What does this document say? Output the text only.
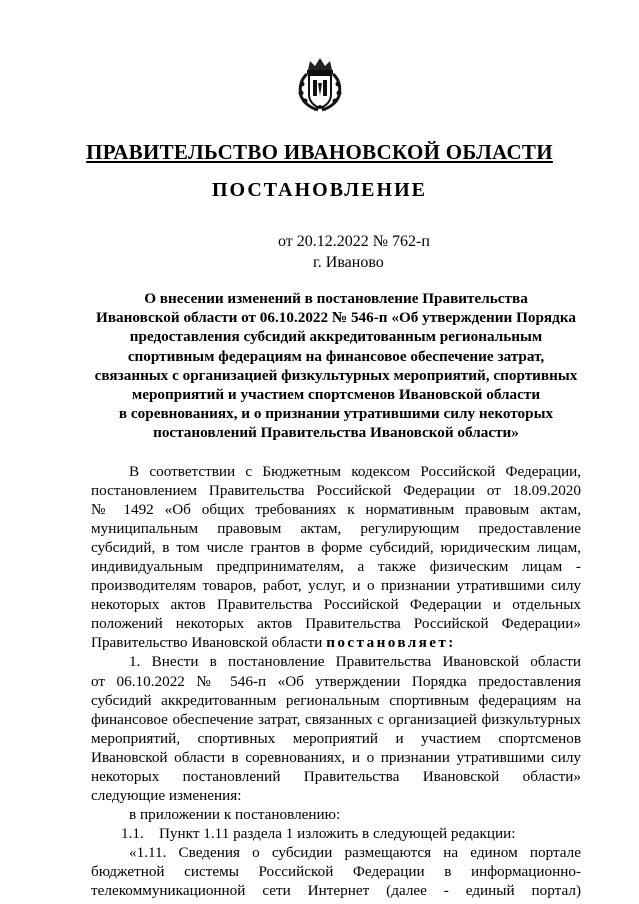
ПРАВИТЕЛЬСТВО ИВАНОВСКОЙ ОБЛАСТИ
ПОСТАНОВЛЕНИЕ
от 20.12.2022 № 762-п
г. Иваново
О внесении изменений в постановление Правительства
Ивановской области от 06.10.2022 № 546-п «Об утверждении Порядка
предоставления субсидий аккредитованным региональным
спортивным федерациям на финансовое обеспечение затрат,
связанных с организацией физкультурных мероприятий, спортивных
мероприятий и участием спортсменов Ивановской области
в соревнованиях, и о признании утратившими силу некоторых
постановлений Правительства Ивановской области»
В соответствии с Бюджетным кодексом Российской Федерации,
постановлением Правительства Российской Федерации от 18.09.2020
№ 1492 «Об общих требованиях к нормативным правовым актам,
муниципальным правовым актам, регулирующим предоставление
субсидий, в том числе грантов в форме субсидий, юридическим лицам,
индивидуальным предпринимателям, а также физическим лицам -
производителям товаров, работ, услуг, и о признании утратившими силу
некоторых актов Правительства Российской Федерации и отдельных
положений некоторых актов Правительства Российской Федерации»
Правительство Ивановской области постановляет:
1. Внести в постановление Правительства Ивановской области
от 06.10.2022 № 546-п «Об утверждении Порядка предоставления
субсидий аккредитованным региональным спортивным федерациям на
финансовое обеспечение затрат, связанных с организацией физкультурных
мероприятий, спортивных мероприятий и участием спортсменов
Ивановской области в соревнованиях, и о признании утратившими силу
некоторых постановлений Правительства Ивановской области»
следующие изменения:
в приложении к постановлению:
1.1.    Пункт 1.11 раздела 1 изложить в следующей редакции:
«1.11. Сведения о субсидии размещаются на едином портале
бюджетной системы Российской Федерации в информационно-
телекоммуникационной сети Интернет (далее - единый портал)
